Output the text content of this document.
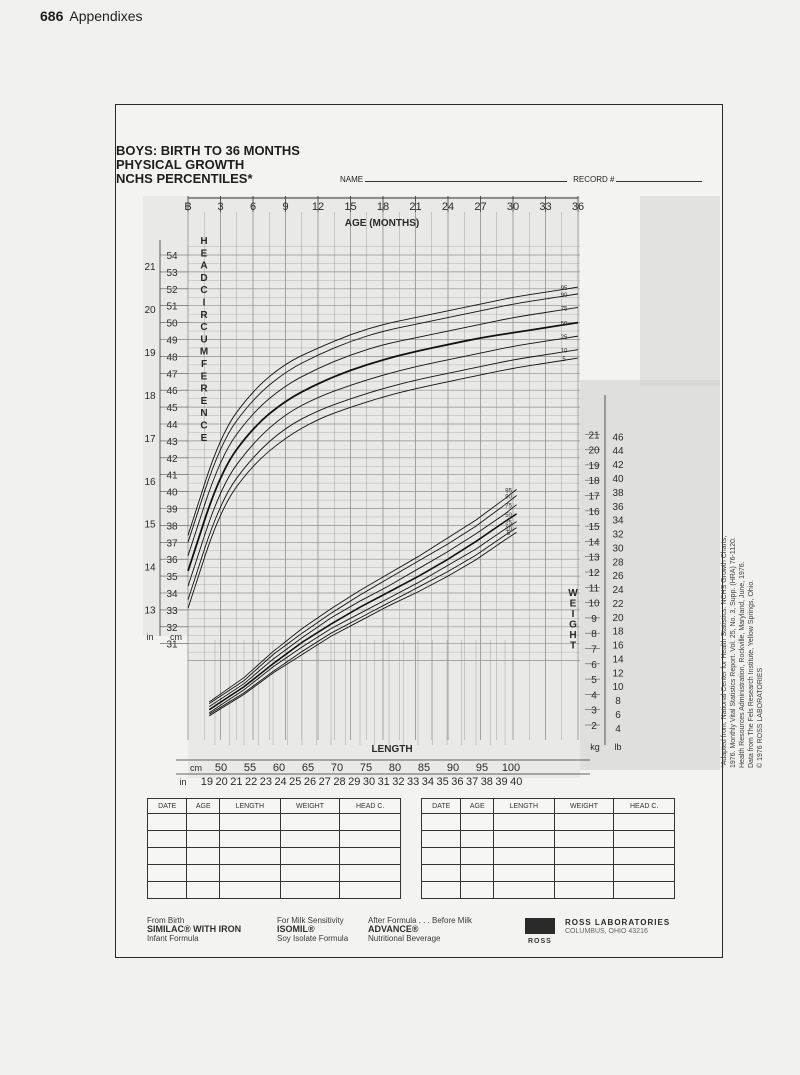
686 Appendixes
BOYS: BIRTH TO 36 MONTHS
PHYSICAL GROWTH
NCHS PERCENTILES*	NAME	RECORD #
B 3 6 9 12 15 18 21 24 27 30 33 36
AGE (MONTHS)
31
32
33
34
35
36
37
38
39
40
41
42
43
44
45
46
47
48
49
50
51
52
53
54
13
14
15
16
17
18
19
20
21
in cm
H
E
A
D
C
I
R
C
U
M
F
E
R
E
N
C
E
95
90
75
50
25
10
5
2
3
4
5
6
7
8
9
10
11
12
13
14
15
16
17
18
19
20
21
4
6
8
10
12
14
16
18
20
22
24
26
28
30
32
34
36
38
40
42
44
46
kg lb
W
E
I
G
H
T
95
90
75
50
25
10
5
LENGTH
cm 50 55 60 65 70 75 80 85 90 95 100
in 19 20 21 22 23 24 25 26 27 28 29 30 31 32 33 34 35 36 37 38 39 40
*Adapted from: National Center for Health Statistics: NCHS Growth Charts, 1976. Monthly Vital Statistics Report. Vol. 25, No. 3, Supp. (HRA) 76-1120. Health Resources Administration, Rockville, Maryland, June, 1976. Data from The Fels Research Institute, Yellow Springs, Ohio. © 1976 ROSS LABORATORIES
DATE	AGE	LENGTH	WEIGHT	HEAD C.

					DATE	AGE	LENGTH	WEIGHT	HEAD C.

From Birth
SIMILAC® WITH IRON
Infant Formula
For Milk Sensitivity
ISOMIL®
Soy Isolate Formula
After Formula . . . Before Milk
ADVANCE®
Nutritional Beverage	ROSS
ROSS LABORATORIES
COLUMBUS, OHIO 43216
